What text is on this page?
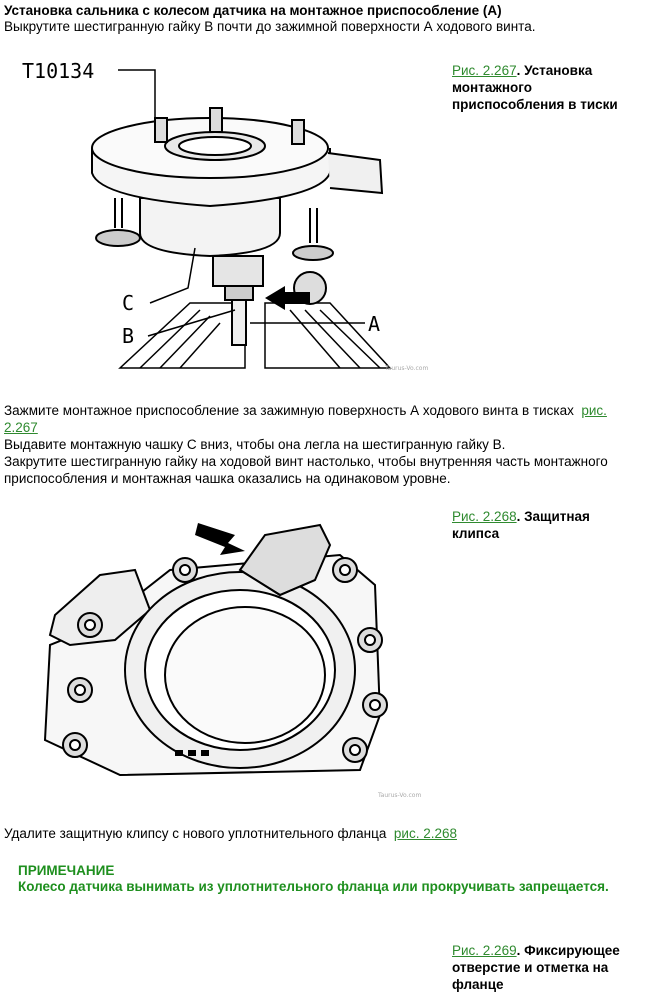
Установка сальника с колесом датчика на монтажное приспособление (А)
Выкрутите шестигранную гайку B почти до зажимной поверхности А ходового винта.
T10134
C
B	A
Taurus-Vo.com
Рис. 2.267. Установка
монтажного
приспособления в тиски
Зажмите монтажное приспособление за зажимную поверхность А ходового винта в тисках рис.
2.267
Выдавите монтажную чашку C вниз, чтобы она легла на шестигранную гайку B.
Закрутите шестигранную гайку на ходовой винт настолько, чтобы внутренняя часть монтажного
приспособления и монтажная чашка оказались на одинаковом уровне.
Taurus-Vo.com
Рис. 2.268. Защитная
клипса
Удалите защитную клипсу с нового уплотнительного фланца рис. 2.268
ПРИМЕЧАНИЕ
Колесо датчика вынимать из уплотнительного фланца или прокручивать запрещается.
Рис. 2.269. Фиксирующее
отверстие и отметка на
фланце
